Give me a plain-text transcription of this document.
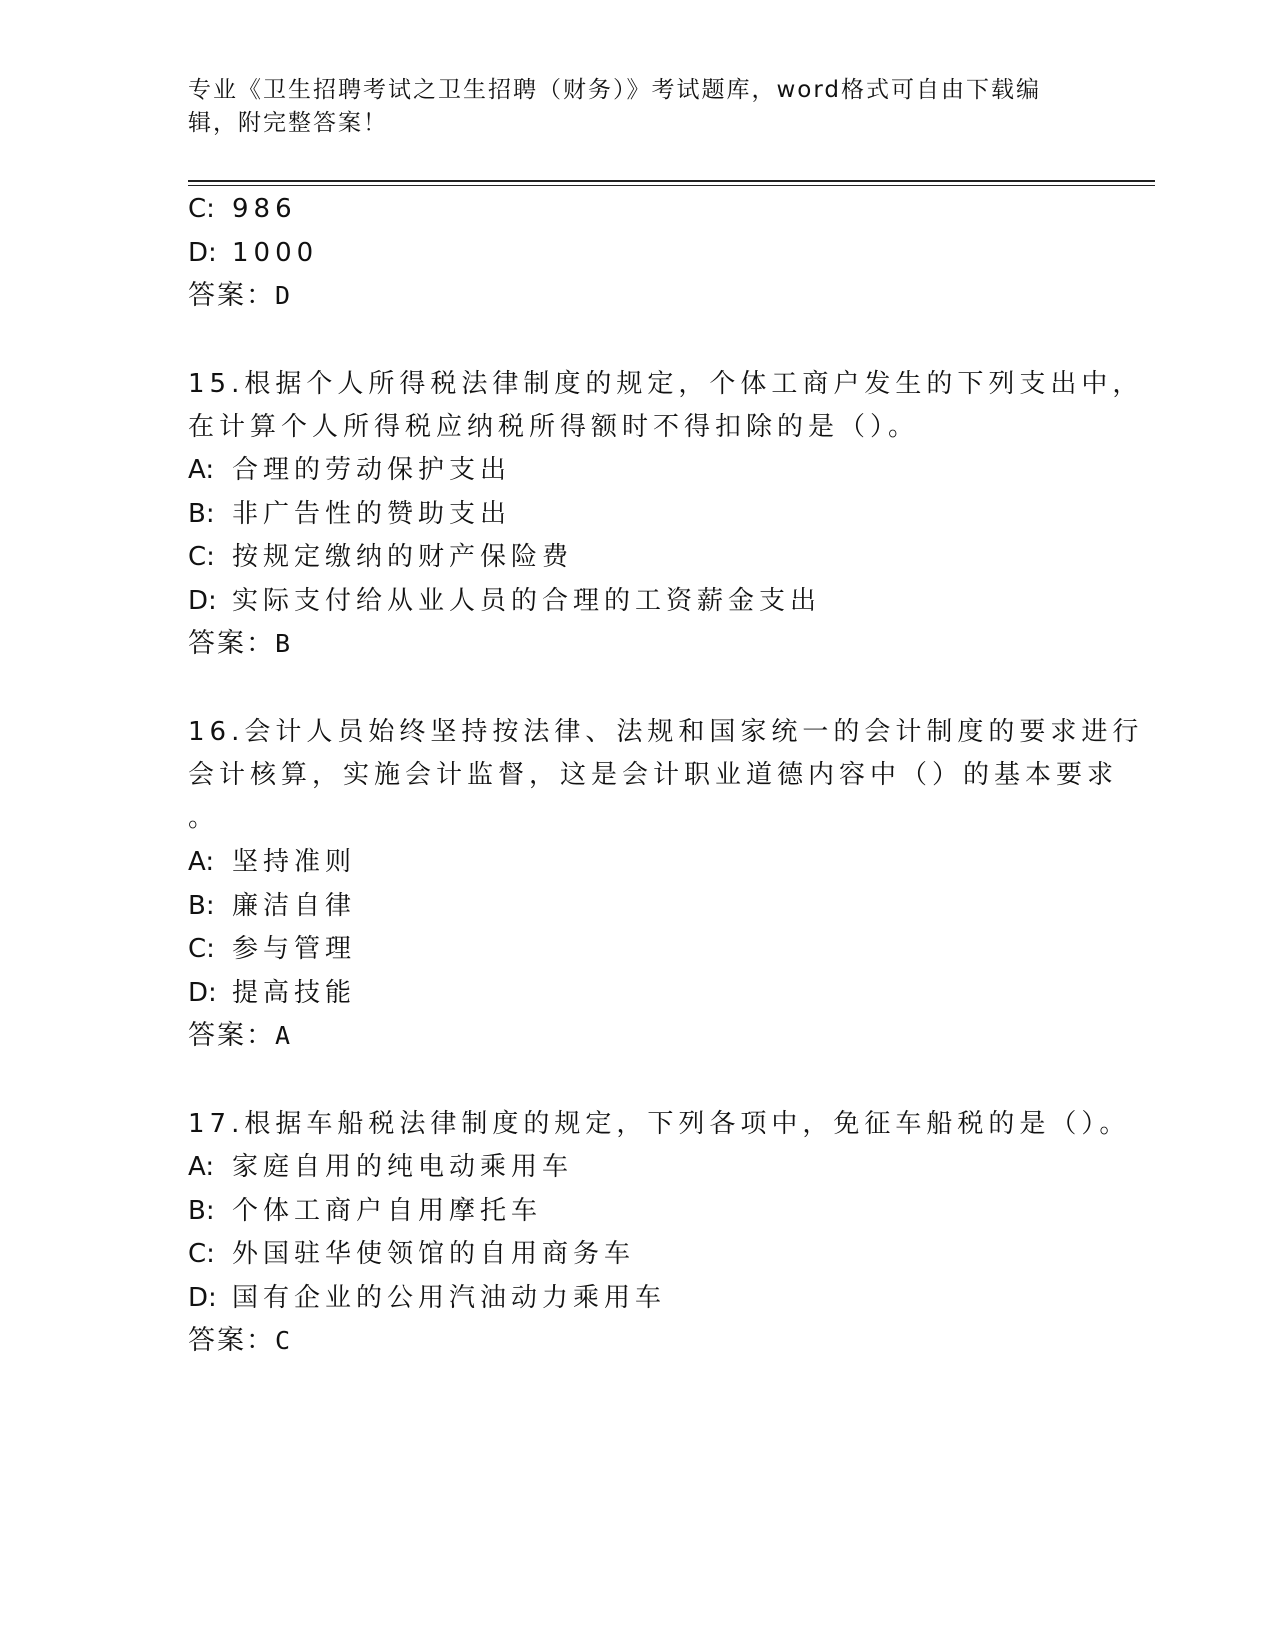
专业《卫生招聘考试之卫生招聘（财务）》考试题库，word格式可自由下载编辑，附完整答案！
C: 986
D: 1000
答案：D
15.根据个人所得税法律制度的规定，个体工商户发生的下列支出中，
在计算个人所得税应纳税所得额时不得扣除的是（）。
A: 合理的劳动保护支出
B: 非广告性的赞助支出
C: 按规定缴纳的财产保险费
D: 实际支付给从业人员的合理的工资薪金支出
答案：B
16.会计人员始终坚持按法律、法规和国家统一的会计制度的要求进行
会计核算，实施会计监督，这是会计职业道德内容中（）的基本要求
。
A: 坚持准则
B: 廉洁自律
C: 参与管理
D: 提高技能
答案：A
17.根据车船税法律制度的规定，下列各项中，免征车船税的是（）。
A: 家庭自用的纯电动乘用车
B: 个体工商户自用摩托车
C: 外国驻华使领馆的自用商务车
D: 国有企业的公用汽油动力乘用车
答案：C
